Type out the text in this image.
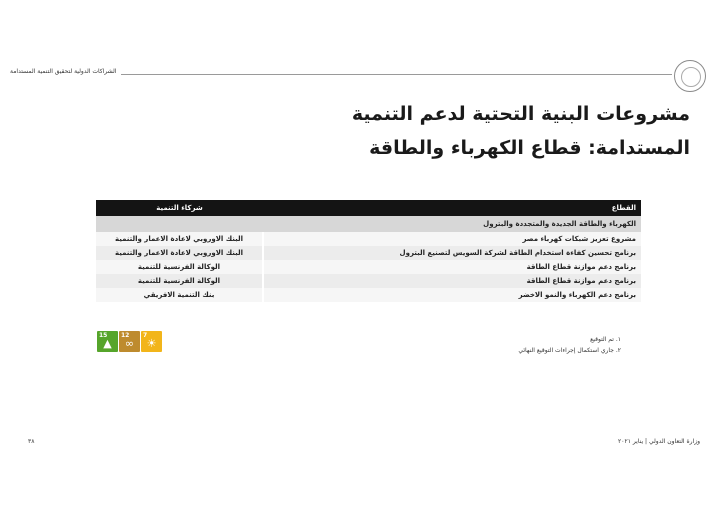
الشراكات الدولية لتحقيق التنمية المستدامة
مشروعات البنية التحتية لدعم التنمية
المستدامة: قطاع الكهرباء والطاقة
القطاع	شركاء التنمية
الكهرباء والطاقة الجديدة والمتجددة والبترول	
مشروع تعزيز شبكات كهرباء مصر	البنك الاوروبي لاعادة الاعمار والتنمية
برنامج تحسين كفاءة استخدام الطاقة لشركة السويس لتصنيع البترول	البنك الاوروبي لاعادة الاعمار والتنمية
برنامج دعم موازنة قطاع الطاقة	الوكالة الفرنسية للتنمية
برنامج دعم موازنة قطاع الطاقة	الوكالة الفرنسية للتنمية
برنامج دعم الكهرباء والنمو الاخضر	بنك التنمية الافريقي
15
▲
12
∞
7
☀	١. تم التوقيع
٢. جاري استكمال إجراءات التوقيع النهائي
٣٨	وزارة التعاون الدولي | يناير ٢٠٢١
